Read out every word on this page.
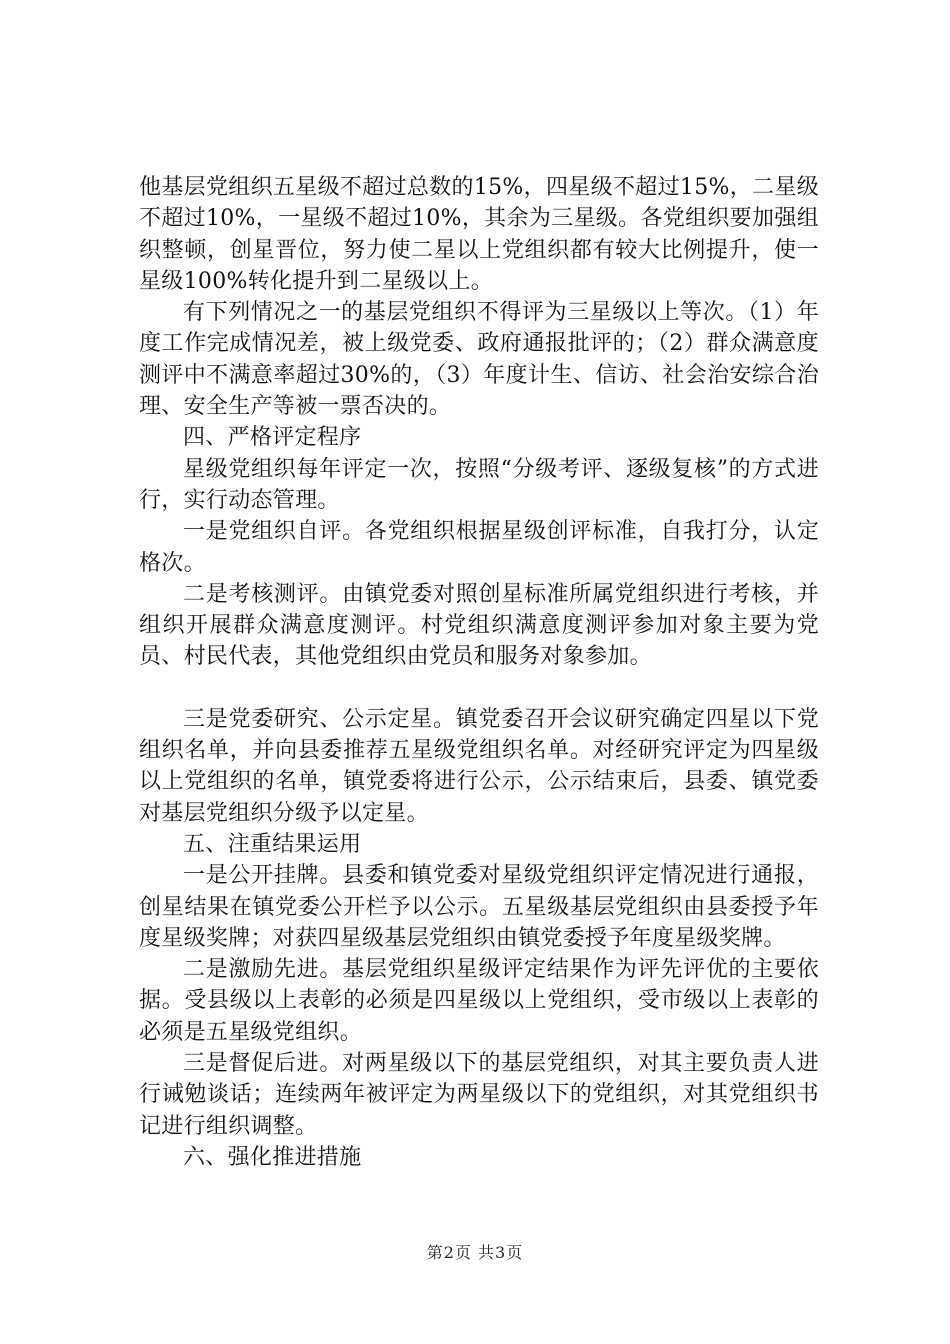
他基层党组织五星级不超过总数的15%，四星级不超过15%，二星级不超过10%，一星级不超过10%，其余为三星级。各党组织要加强组织整顿，创星晋位，努力使二星以上党组织都有较大比例提升，使一星级100%转化提升到二星级以上。

有下列情况之一的基层党组织不得评为三星级以上等次。（1）年度工作完成情况差，被上级党委、政府通报批评的；（2）群众满意度测评中不满意率超过30%的，（3）年度计生、信访、社会治安综合治理、安全生产等被一票否决的。

四、严格评定程序

星级党组织每年评定一次，按照“分级考评、逐级复核”的方式进行，实行动态管理。

一是党组织自评。各党组织根据星级创评标准，自我打分，认定格次。

二是考核测评。由镇党委对照创星标准所属党组织进行考核，并组织开展群众满意度测评。村党组织满意度测评参加对象主要为党员、村民代表，其他党组织由党员和服务对象参加。

三是党委研究、公示定星。镇党委召开会议研究确定四星以下党组织名单，并向县委推荐五星级党组织名单。对经研究评定为四星级以上党组织的名单，镇党委将进行公示，公示结束后，县委、镇党委对基层党组织分级予以定星。

五、注重结果运用

一是公开挂牌。县委和镇党委对星级党组织评定情况进行通报，创星结果在镇党委公开栏予以公示。五星级基层党组织由县委授予年度星级奖牌；对获四星级基层党组织由镇党委授予年度星级奖牌。

二是激励先进。基层党组织星级评定结果作为评先评优的主要依据。受县级以上表彰的必须是四星级以上党组织，受市级以上表彰的必须是五星级党组织。

三是督促后进。对两星级以下的基层党组织，对其主要负责人进行诫勉谈话；连续两年被评定为两星级以下的党组织，对其党组织书记进行组织调整。

六、强化推进措施

第2页 共3页
